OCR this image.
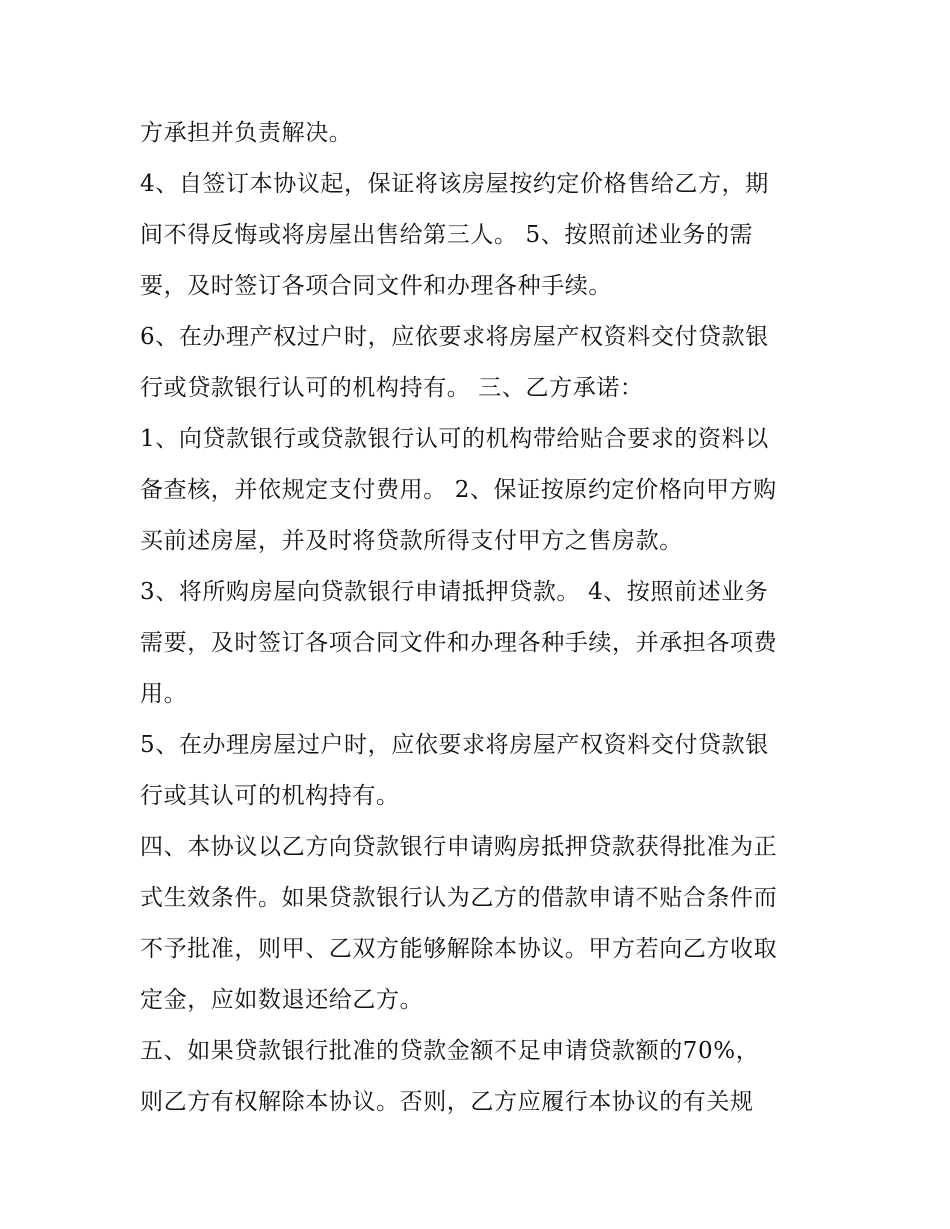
方承担并负责解决。
4、自签订本协议起，保证将该房屋按约定价格售给乙方，期
间不得反悔或将房屋出售给第三人。 5、按照前述业务的需
要，及时签订各项合同文件和办理各种手续。
6、在办理产权过户时，应依要求将房屋产权资料交付贷款银
行或贷款银行认可的机构持有。 三、乙方承诺：
1、向贷款银行或贷款银行认可的机构带给贴合要求的资料以
备查核，并依规定支付费用。 2、保证按原约定价格向甲方购
买前述房屋，并及时将贷款所得支付甲方之售房款。
3、将所购房屋向贷款银行申请抵押贷款。 4、按照前述业务
需要，及时签订各项合同文件和办理各种手续，并承担各项费
用。
5、在办理房屋过户时，应依要求将房屋产权资料交付贷款银
行或其认可的机构持有。
四、本协议以乙方向贷款银行申请购房抵押贷款获得批准为正
式生效条件。如果贷款银行认为乙方的借款申请不贴合条件而
不予批准，则甲、乙双方能够解除本协议。甲方若向乙方收取
定金，应如数退还给乙方。
五、如果贷款银行批准的贷款金额不足申请贷款额的70%，
则乙方有权解除本协议。否则，乙方应履行本协议的有关规
